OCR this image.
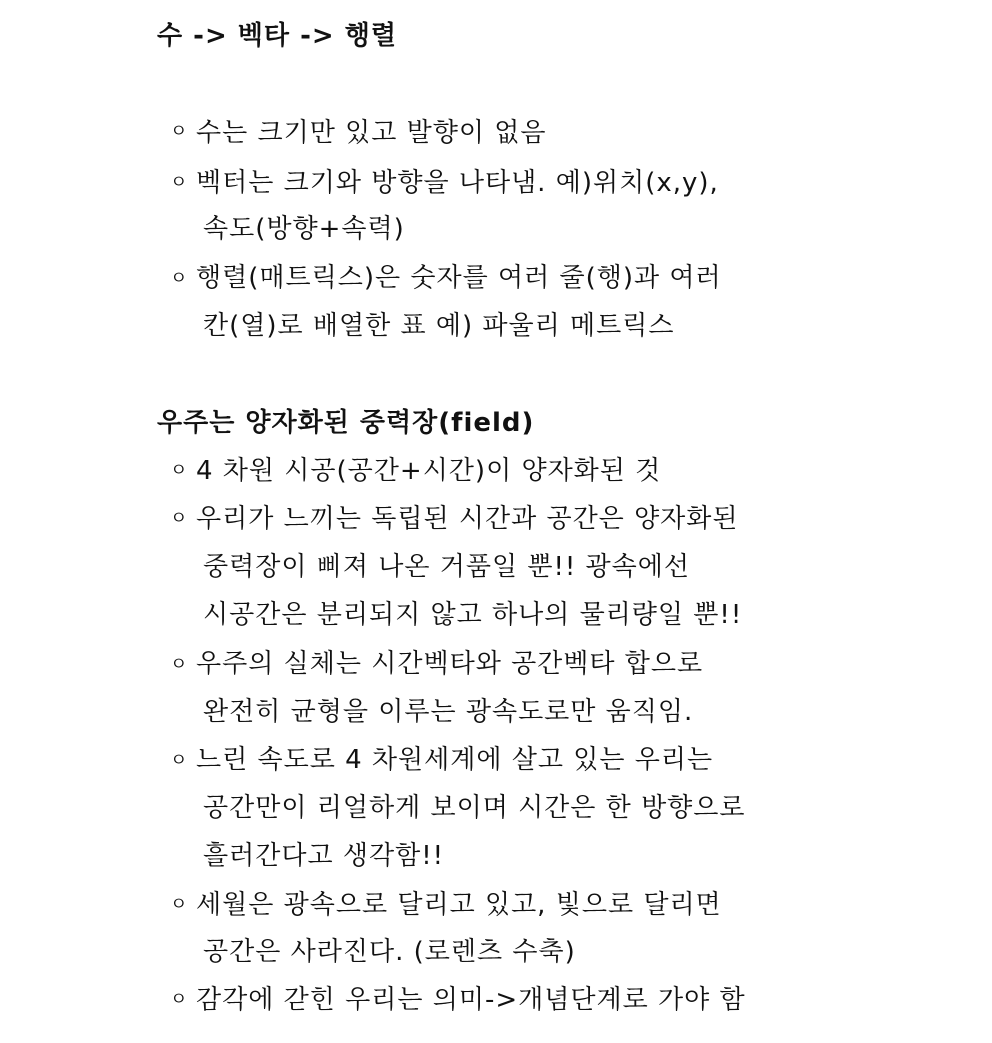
수 -> 벡타 -> 행렬
ㅇ 수는 크기만 있고 발향이 없음
ㅇ 벡터는 크기와 방향을 나타냄. 예)위치(x,y),
속도(방향+속력)
ㅇ 행렬(매트릭스)은 숫자를 여러 줄(행)과 여러
칸(열)로 배열한 표 예) 파울리 메트릭스
우주는 양자화된 중력장(field)
ㅇ 4 차원 시공(공간+시간)이 양자화된 것
ㅇ 우리가 느끼는 독립된 시간과 공간은 양자화된
중력장이 삐져 나온 거품일 뿐!! 광속에선
시공간은 분리되지 않고 하나의 물리량일 뿐!!
ㅇ 우주의 실체는 시간벡타와 공간벡타 합으로
완전히 균형을 이루는 광속도로만 움직임.
ㅇ 느린 속도로 4 차원세계에 살고 있는 우리는
공간만이 리얼하게 보이며 시간은 한 방향으로
흘러간다고 생각함!!
ㅇ 세월은 광속으로 달리고 있고, 빛으로 달리면
공간은 사라진다. (로렌츠 수축)
ㅇ 감각에 갇힌 우리는 의미->개념단계로 가야 함
